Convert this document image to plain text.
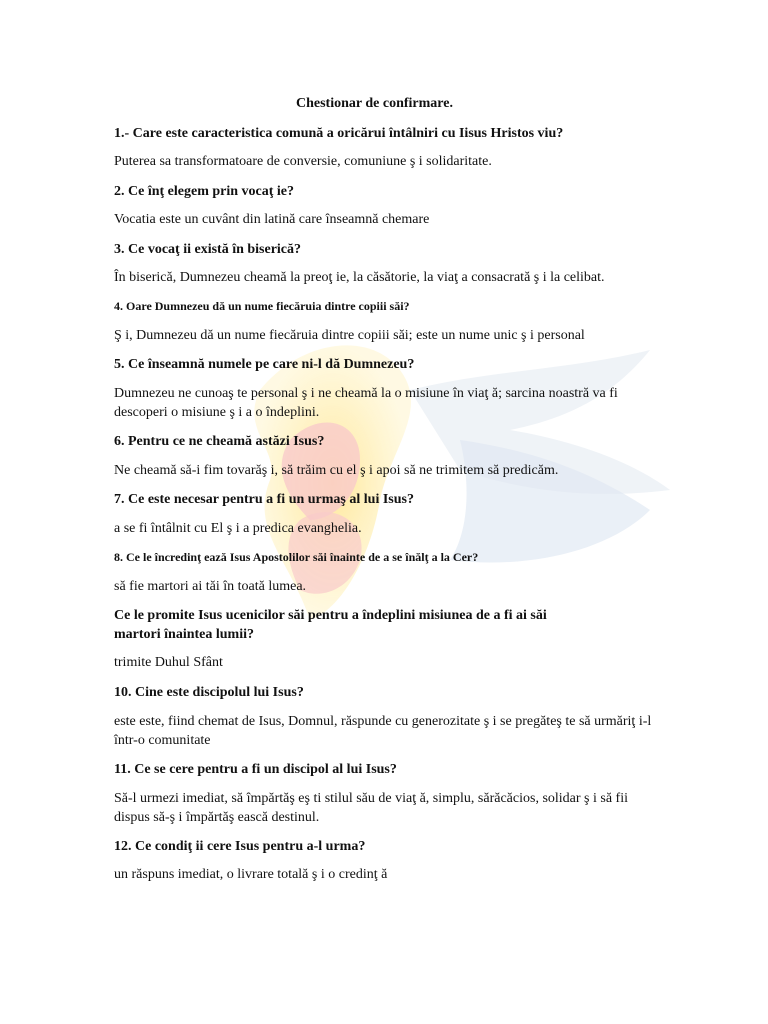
Chestionar de confirmare.

1.- Care este caracteristica comună a oricărui întâlniri cu Iisus Hristos viu?

Puterea sa transformatoare de conversie, comuniune ş i solidaritate.

2. Ce înţ elegem prin vocaţ ie?

Vocatia este un cuvânt din latină care înseamnă chemare

3. Ce vocaţ ii există în biserică?

În biserică, Dumnezeu cheamă la preoţ ie, la căsătorie, la viaţ a consacrată ş i la celibat.

4. Oare Dumnezeu dă un nume fiecăruia dintre copiii săi?

Ş i, Dumnezeu dă un nume fiecăruia dintre copiii săi; este un nume unic ş i personal

5. Ce înseamnă numele pe care ni-l dă Dumnezeu?

Dumnezeu ne cunoaş te personal ş i ne cheamă la o misiune în viaţ ă; sarcina noastră va fi descoperi o misiune ş i a o îndeplini.

6. Pentru ce ne cheamă astăzi Isus?

Ne cheamă să-i fim tovarăş i, să trăim cu el ş i apoi să ne trimitem să predicăm.

7. Ce este necesar pentru a fi un urmaş al lui Isus?

a se fi întâlnit cu El ş i a predica evanghelia.

8. Ce le încredinţ ează Isus Apostolilor săi înainte de a se înălţ a la Cer?

să fie martori ai tăi în toată lumea.

Ce le promite Isus ucenicilor săi pentru a îndeplini misiunea de a fi ai săi martori înaintea lumii?

trimite Duhul Sfânt

10. Cine este discipolul lui Isus?

este este, fiind chemat de Isus, Domnul, răspunde cu generozitate ş i se pregăteş te să urmăriţ i-l într-o comunitate

11. Ce se cere pentru a fi un discipol al lui Isus?

Să-l urmezi imediat, să împărtăş eş ti stilul său de viaţ ă, simplu, sărăcăcios, solidar ş i să fii dispus să-ş i împărtăş ească destinul.

12. Ce condiţ ii cere Isus pentru a-l urma?

un răspuns imediat, o livrare totală ş i o credinţ ă
